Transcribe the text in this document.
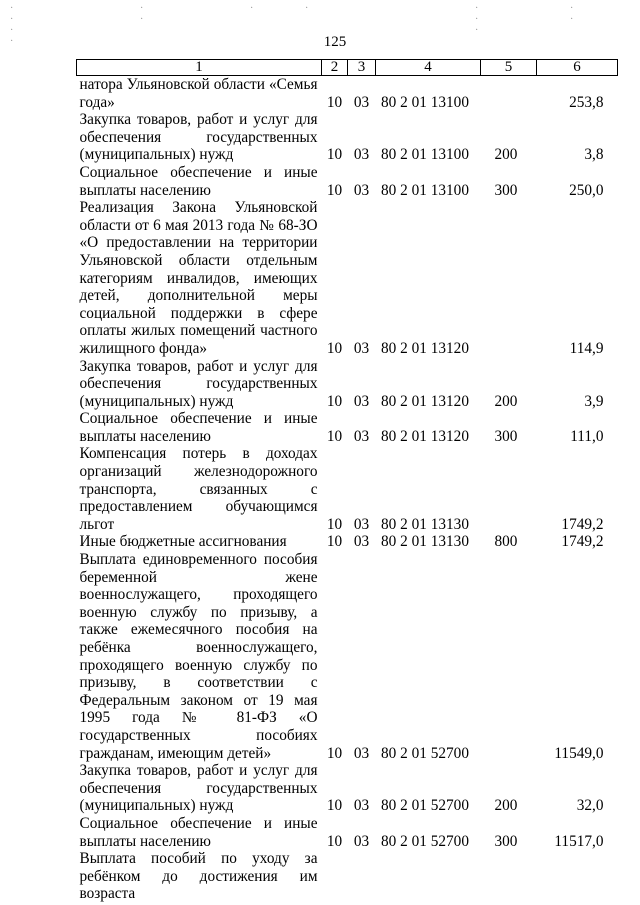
· · · ·
· ·
·	·	· · ·
· ·
125
1	2	3	4	5	6
натора Ульяновской области «Семья года»	10	03	80 2 01 13100		253,8
Закупка товаров, работ и услуг для обеспечения государственных (муниципальных) нужд	10	03	80 2 01 13100	200	3,8
Социальное обеспечение и иные выплаты населению	10	03	80 2 01 13100	300	250,0
Реализация Закона Ульяновской области от 6 мая 2013 года № 68-ЗО «О предоставлении на территории Ульяновской области отдельным категориям инвалидов, имеющих детей, дополнительной меры социальной поддержки в сфере оплаты жилых помещений частного жилищного фонда»	10	03	80 2 01 13120		114,9
Закупка товаров, работ и услуг для обеспечения государственных (муниципальных) нужд	10	03	80 2 01 13120	200	3,9
Социальное обеспечение и иные выплаты населению	10	03	80 2 01 13120	300	111,0
Компенсация потерь в доходах организаций железнодорожного транспорта, связанных с предоставлением обучающимся льгот	10	03	80 2 01 13130		1749,2
Иные бюджетные ассигнования	10	03	80 2 01 13130	800	1749,2
Выплата единовременного пособия беременной жене военнослужащего, проходящего военную службу по призыву, а также ежемесячного пособия на ребёнка военнослужащего, проходящего военную службу по призыву, в соответствии с Федеральным законом от 19 мая 1995 года № 81-ФЗ «О государственных пособиях гражданам, имеющим детей»	10	03	80 2 01 52700		11549,0
Закупка товаров, работ и услуг для обеспечения государственных (муниципальных) нужд	10	03	80 2 01 52700	200	32,0
Социальное обеспечение и иные выплаты населению	10	03	80 2 01 52700	300	11517,0
Выплата пособий по уходу за ребёнком до достижения им возраста					
